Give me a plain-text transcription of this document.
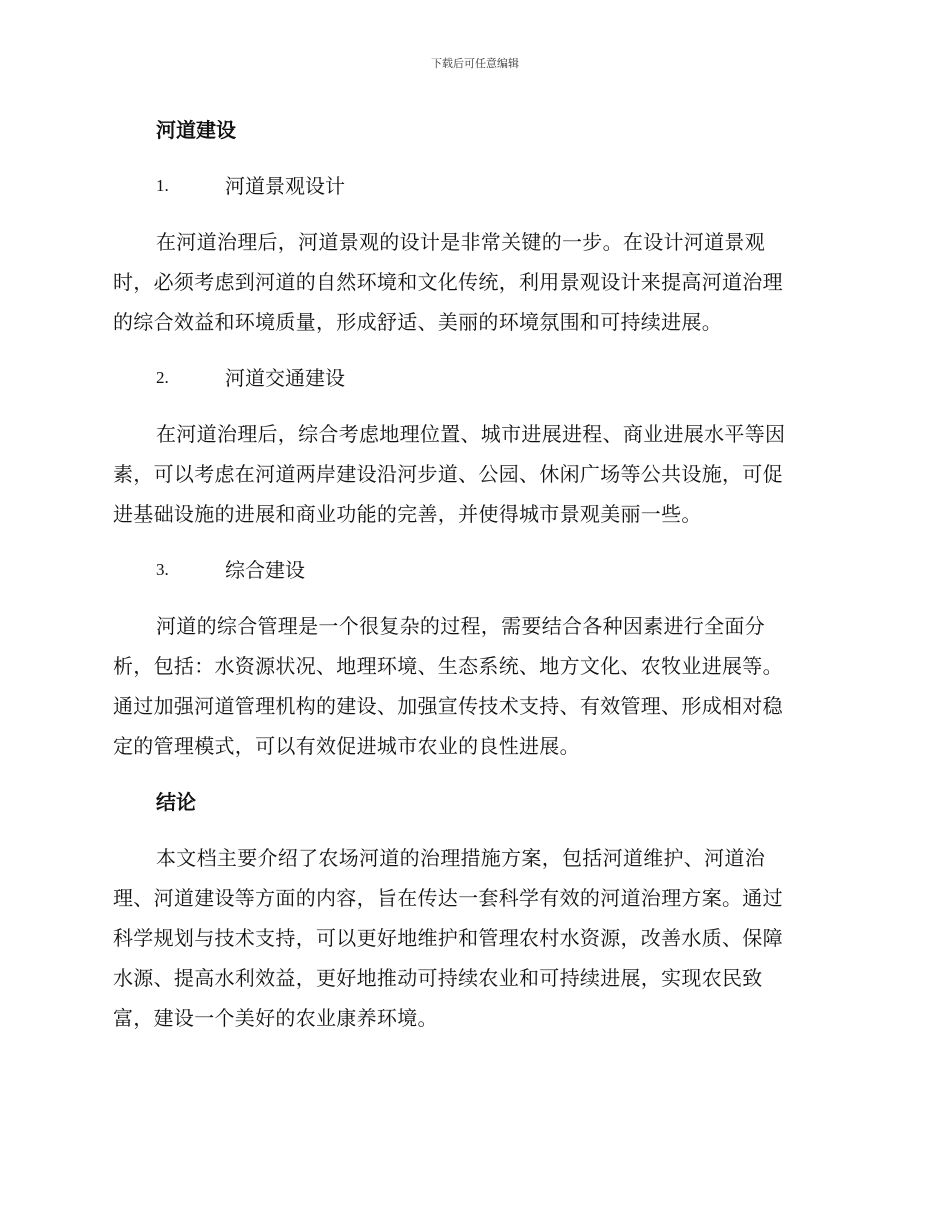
下载后可任意编辑
河道建设
1.	河道景观设计

在河道治理后，河道景观的设计是非常关键的一步。在设计河道景观
时，必须考虑到河道的自然环境和文化传统，利用景观设计来提高河道治理
的综合效益和环境质量，形成舒适、美丽的环境氛围和可持续进展。

2.	河道交通建设

在河道治理后，综合考虑地理位置、城市进展进程、商业进展水平等因
素，可以考虑在河道两岸建设沿河步道、公园、休闲广场等公共设施，可促
进基础设施的进展和商业功能的完善，并使得城市景观美丽一些。

3.	综合建设

河道的综合管理是一个很复杂的过程，需要结合各种因素进行全面分
析，包括：水资源状况、地理环境、生态系统、地方文化、农牧业进展等。
通过加强河道管理机构的建设、加强宣传技术支持、有效管理、形成相对稳
定的管理模式，可以有效促进城市农业的良性进展。

结论

本文档主要介绍了农场河道的治理措施方案，包括河道维护、河道治
理、河道建设等方面的内容，旨在传达一套科学有效的河道治理方案。通过
科学规划与技术支持，可以更好地维护和管理农村水资源，改善水质、保障
水源、提高水利效益，更好地推动可持续农业和可持续进展，实现农民致
富，建设一个美好的农业康养环境。
